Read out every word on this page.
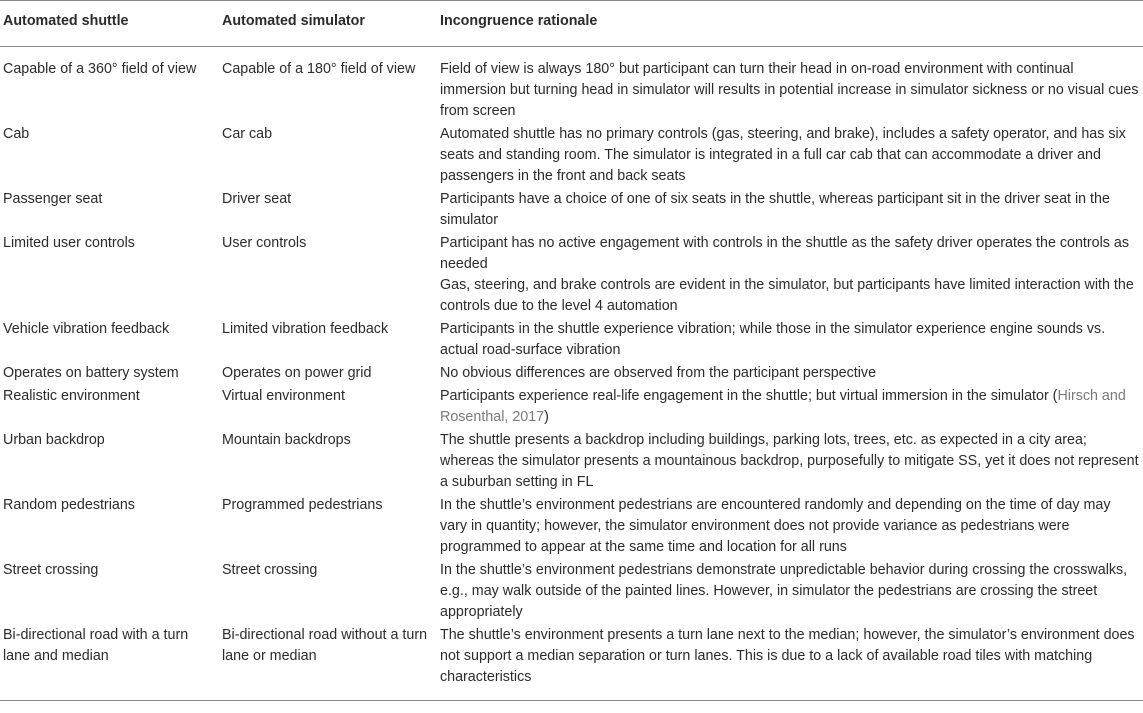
Automated shuttle	Automated simulator	Incongruence rationale
Capable of a 360° field of view	Capable of a 180° field of view	Field of view is always 180° but participant can turn their head in on-road environment with continual immersion but turning head in simulator will results in potential increase in simulator sickness or no visual cues from screen
Cab	Car cab	Automated shuttle has no primary controls (gas, steering, and brake), includes a safety operator, and has six seats and standing room. The simulator is integrated in a full car cab that can accommodate a driver and passengers in the front and back seats
Passenger seat	Driver seat	Participants have a choice of one of six seats in the shuttle, whereas participant sit in the driver seat in the simulator
Limited user controls	User controls	Participant has no active engagement with controls in the shuttle as the safety driver operates the controls as needed
Gas, steering, and brake controls are evident in the simulator, but participants have limited interaction with the controls due to the level 4 automation

Vehicle vibration feedback	Limited vibration feedback	Participants in the shuttle experience vibration; while those in the simulator experience engine sounds vs. actual road-surface vibration
Operates on battery system	Operates on power grid	No obvious differences are observed from the participant perspective
Realistic environment	Virtual environment	Participants experience real-life engagement in the shuttle; but virtual immersion in the simulator (Hirsch and Rosenthal, 2017)
Urban backdrop	Mountain backdrops	The shuttle presents a backdrop including buildings, parking lots, trees, etc. as expected in a city area; whereas the simulator presents a mountainous backdrop, purposefully to mitigate SS, yet it does not represent a suburban setting in FL
Random pedestrians	Programmed pedestrians	In the shuttle’s environment pedestrians are encountered randomly and depending on the time of day may vary in quantity; however, the simulator environment does not provide variance as pedestrians were programmed to appear at the same time and location for all runs
Street crossing	Street crossing	In the shuttle’s environment pedestrians demonstrate unpredictable behavior during crossing the crosswalks, e.g., may walk outside of the painted lines. However, in simulator the pedestrians are crossing the street appropriately
Bi-directional road with a turn lane and median	Bi-directional road without a turn lane or median	The shuttle’s environment presents a turn lane next to the median; however, the simulator’s environment does not support a median separation or turn lanes. This is due to a lack of available road tiles with matching characteristics
